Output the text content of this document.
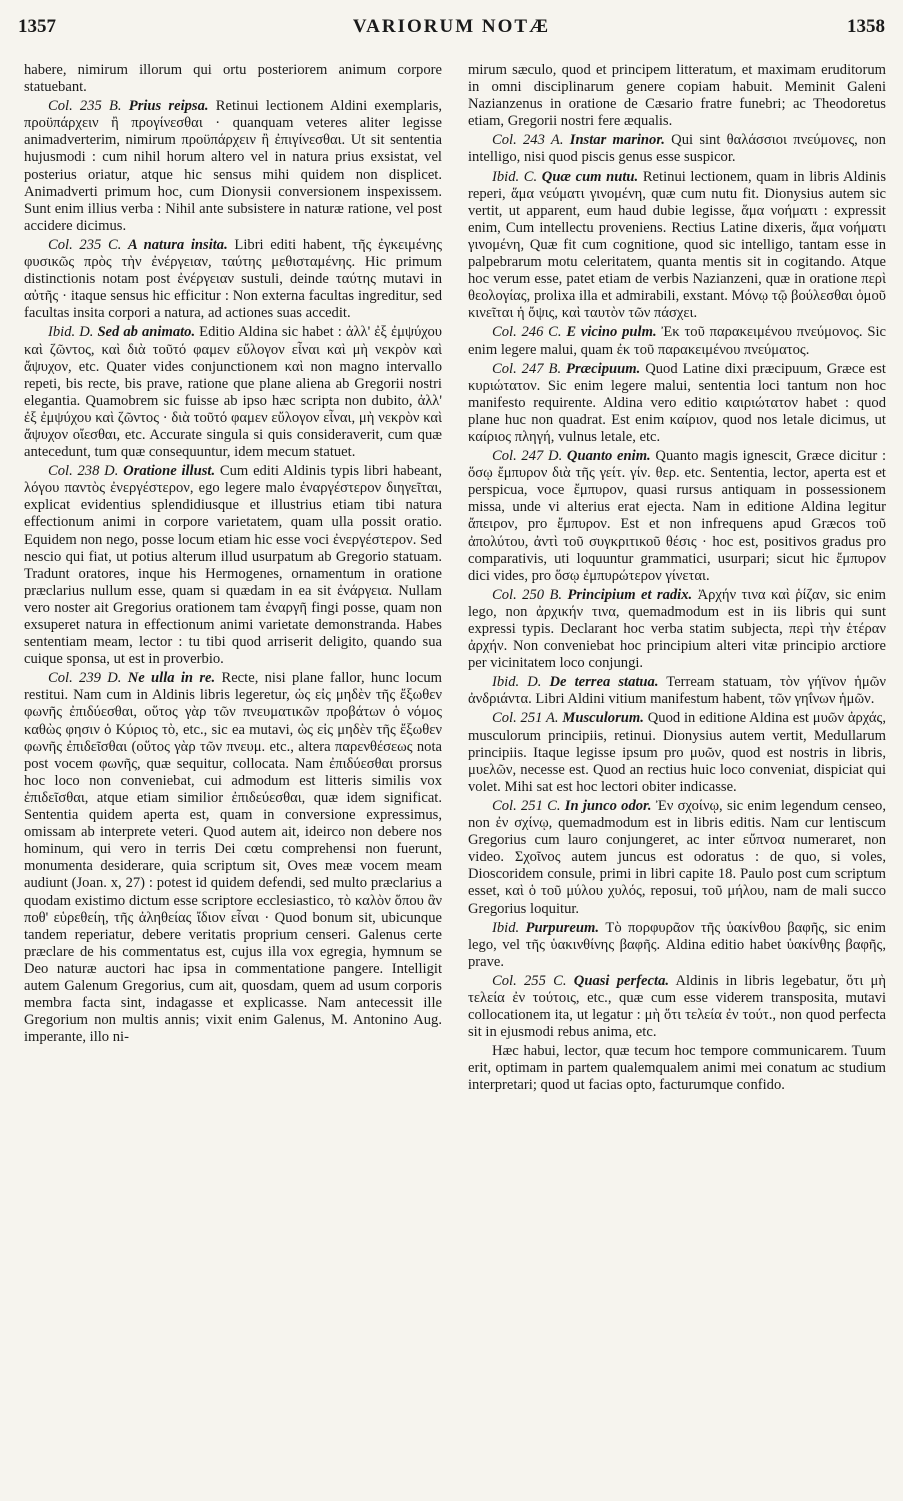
1357	VARIORUM NOTÆ	1358

habere, nimirum illorum qui ortu posteriorem animum corpore statuebant.

Col. 235 B. Prius reipsa. Retinui lectionem Aldini exemplaris, προϋπάρχειν ἢ προγίνεσθαι · quanquam veteres aliter legisse animadverterim, nimirum προϋπάρχειν ἢ ἐπιγίνεσθαι. Ut sit sententia hujusmodi : cum nihil horum altero vel in natura prius exsistat, vel posterius oriatur, atque hic sensus mihi quidem non displicet. Animadverti primum hoc, cum Dionysii conversionem inspexissem. Sunt enim illius verba : Nihil ante subsistere in naturæ ratione, vel post accidere dicimus.

Col. 235 C. A natura insita. Libri editi habent, τῆς ἐγκειμένης φυσικῶς πρὸς τὴν ἐνέργειαν, ταύτης μεθισταμένης. Hic primum distinctionis notam post ἐνέργειαν sustuli, deinde ταύτης mutavi in αὐτῆς · itaque sensus hic efficitur : Non externa facultas ingreditur, sed facultas insita corpori a natura, ad actiones suas accedit.

Ibid. D. Sed ab animato. Editio Aldina sic habet : ἀλλ' ἐξ ἐμψύχου καὶ ζῶντος, καὶ διὰ τοῦτό φαμεν εὔλογον εἶναι καὶ μὴ νεκρὸν καὶ ἄψυχον, etc. Quater vides conjunctionem καὶ non magno intervallo repeti, bis recte, bis prave, ratione que plane aliena ab Gregorii nostri elegantia. Quamobrem sic fuisse ab ipso hæc scripta non dubito, ἀλλ' ἐξ ἐμψύχου καὶ ζῶντος · διὰ τοῦτό φαμεν εὔλογον εἶναι, μὴ νεκρὸν καὶ ἄψυχον οἴεσθαι, etc. Accurate singula si quis consideraverit, cum quæ antecedunt, tum quæ consequuntur, idem mecum statuet.

Col. 238 D. Oratione illust. Cum editi Aldinis typis libri habeant, λόγου παντὸς ἐνεργέστερον, ego legere malo ἐναργέστερον διηγεῖται, explicat evidentius splendidiusque et illustrius etiam tibi natura effectionum animi in corpore varietatem, quam ulla possit oratio. Equidem non nego, posse locum etiam hic esse voci ἐνεργέστερον. Sed nescio qui fiat, ut potius alterum illud usurpatum ab Gregorio statuam. Tradunt oratores, inque his Hermogenes, ornamentum in oratione præclarius nullum esse, quam si quædam in ea sit ἐνάργεια. Nullam vero noster ait Gregorius orationem tam ἐναργῆ fingi posse, quam non exsuperet natura in effectionum animi varietate demonstranda. Habes sententiam meam, lector : tu tibi quod arriserit deligito, quando sua cuique sponsa, ut est in proverbio.

Col. 239 D. Ne ulla in re. Recte, nisi plane fallor, hunc locum restitui. Nam cum in Aldinis libris legeretur, ὡς εἰς μηδὲν τῆς ἔξωθεν φωνῆς ἐπιδύεσθαι, οὕτος γὰρ τῶν πνευματικῶν προβάτων ὁ νόμος καθὼς φησιν ὁ Κύριος τὸ, etc., sic ea mutavi, ὡς εἰς μηδὲν τῆς ἔξωθεν φωνῆς ἐπιδεῖσθαι (οὕτος γὰρ τῶν πνευμ. etc., altera παρενθέσεως nota post vocem φωνῆς, quæ sequitur, collocata. Nam ἐπιδύεσθαι prorsus hoc loco non conveniebat, cui admodum est litteris similis vox ἐπιδεῖσθαι, atque etiam similior ἐπιδεύεσθαι, quæ idem significat. Sententia quidem aperta est, quam in conversione expressimus, omissam ab interprete veteri. Quod autem ait, ideirco non debere nos hominum, qui vero in terris Dei cœtu comprehensi non fuerunt, monumenta desiderare, quia scriptum sit, Oves meæ vocem meam audiunt (Joan. x, 27) : potest id quidem defendi, sed multo præclarius a quodam existimo dictum esse scriptore ecclesiastico, τὸ καλὸν ὅπου ἂν ποθ' εὑρεθείη, τῆς ἀληθείας ἴδιον εἶναι · Quod bonum sit, ubicunque tandem reperiatur, debere veritatis proprium censeri. Galenus certe præclare de his commentatus est, cujus illa vox egregia, hymnum se Deo naturæ auctori hac ipsa in commentatione pangere. Intelligit autem Galenum Gregorius, cum ait, quosdam, quem ad usum corporis membra facta sint, indagasse et explicasse. Nam antecessit ille Gregorium non multis annis; vixit enim Galenus, M. Antonino Aug. imperante, illo ni-

mirum sæculo, quod et principem litteratum, et maximam eruditorum in omni disciplinarum genere copiam habuit. Meminit Galeni Nazianzenus in oratione de Cæsario fratre funebri; ac Theodoretus etiam, Gregorii nostri fere æqualis.

Col. 243 A. Instar marinor. Qui sint θαλάσσιοι πνεύμονες, non intelligo, nisi quod piscis genus esse suspicor.

Ibid. C. Quæ cum nutu. Retinui lectionem, quam in libris Aldinis reperi, ἅμα νεύματι γινομένη, quæ cum nutu fit. Dionysius autem sic vertit, ut apparent, eum haud dubie legisse, ἅμα νοήματι : expressit enim, Cum intellectu proveniens. Rectius Latine dixeris, ἅμα νοήματι γινομένη, Quæ fit cum cognitione, quod sic intelligo, tantam esse in palpebrarum motu celeritatem, quanta mentis sit in cogitando. Atque hoc verum esse, patet etiam de verbis Nazianzeni, quæ in oratione περὶ θεολογίας, prolixa illa et admirabili, exstant. Μόνῳ τῷ βούλεσθαι ὁμοῦ κινεῖται ἡ ὄψις, καὶ ταυτὸν τῶν πάσχει.

Col. 246 C. E vicino pulm. Ἐκ τοῦ παρακειμένου πνεύμονος. Sic enim legere malui, quam ἐκ τοῦ παρακειμένου πνεύματος.

Col. 247 B. Præcipuum. Quod Latine dixi præcipuum, Græce est κυριώτατον. Sic enim legere malui, sententia loci tantum non hoc manifesto requirente. Aldina vero editio καιριώτατον habet : quod plane huc non quadrat. Est enim καίριον, quod nos letale dicimus, ut καίριος πληγή, vulnus letale, etc.

Col. 247 D. Quanto enim. Quanto magis ignescit, Græce dicitur : ὅσῳ ἔμπυρον διὰ τῆς γείτ. γίν. θερ. etc. Sententia, lector, aperta est et perspicua, voce ἔμπυρον, quasi rursus antiquam in possessionem missa, unde vi alterius erat ejecta. Nam in editione Aldina legitur ἄπειρον, pro ἔμπυρον. Est et non infrequens apud Græcos τοῦ ἀπολύτου, ἀντὶ τοῦ συγκριτικοῦ θέσις · hoc est, positivos gradus pro comparativis, uti loquuntur grammatici, usurpari; sicut hic ἔμπυρον dici vides, pro ὅσῳ ἐμπυρώτερον γίνεται.

Col. 250 B. Principium et radix. Ἀρχήν τινα καὶ ῥίζαν, sic enim lego, non ἀρχικήν τινα, quemadmodum est in iis libris qui sunt expressi typis. Declarant hoc verba statim subjecta, περὶ τὴν ἑτέραν ἀρχήν. Non conveniebat hoc principium alteri vitæ principio arctiore per vicinitatem loco conjungi.

Ibid. D. De terrea statua. Terream statuam, τὸν γήϊνον ἡμῶν ἀνδριάντα. Libri Aldini vitium manifestum habent, τῶν γηΐνων ἡμῶν.

Col. 251 A. Musculorum. Quod in editione Aldina est μυῶν ἀρχάς, musculorum principiis, retinui. Dionysius autem vertit, Medullarum principiis. Itaque legisse ipsum pro μυῶν, quod est nostris in libris, μυελῶν, necesse est. Quod an rectius huic loco conveniat, dispiciat qui volet. Mihi sat est hoc lectori obiter indicasse.

Col. 251 C. In junco odor. Ἐν σχοίνῳ, sic enim legendum censeo, non ἐν σχίνῳ, quemadmodum est in libris editis. Nam cur lentiscum Gregorius cum lauro conjungeret, ac inter εὔπνοα numeraret, non video. Σχοῖνος autem juncus est odoratus : de quo, si voles, Dioscoridem consule, primi in libri capite 18. Paulo post cum scriptum esset, καὶ ὁ τοῦ μύλου χυλός, reposui, τοῦ μήλου, nam de mali succo Gregorius loquitur.

Ibid. Purpureum. Τὸ πορφυρᾶον τῆς ὑακίνθου βαφῆς, sic enim lego, vel τῆς ὑακινθίνης βαφῆς. Aldina editio habet ὑακίνθης βαφῆς, prave.

Col. 255 C. Quasi perfecta. Aldinis in libris legebatur, ὅτι μὴ τελεία ἐν τούτοις, etc., quæ cum esse viderem transposita, mutavi collocationem ita, ut legatur : μὴ ὅτι τελεία ἐν τούτ., non quod perfecta sit in ejusmodi rebus anima, etc.

Hæc habui, lector, quæ tecum hoc tempore communicarem. Tuum erit, optimam in partem qualemqualem animi mei conatum ac studium interpretari; quod ut facias opto, facturumque confido.
